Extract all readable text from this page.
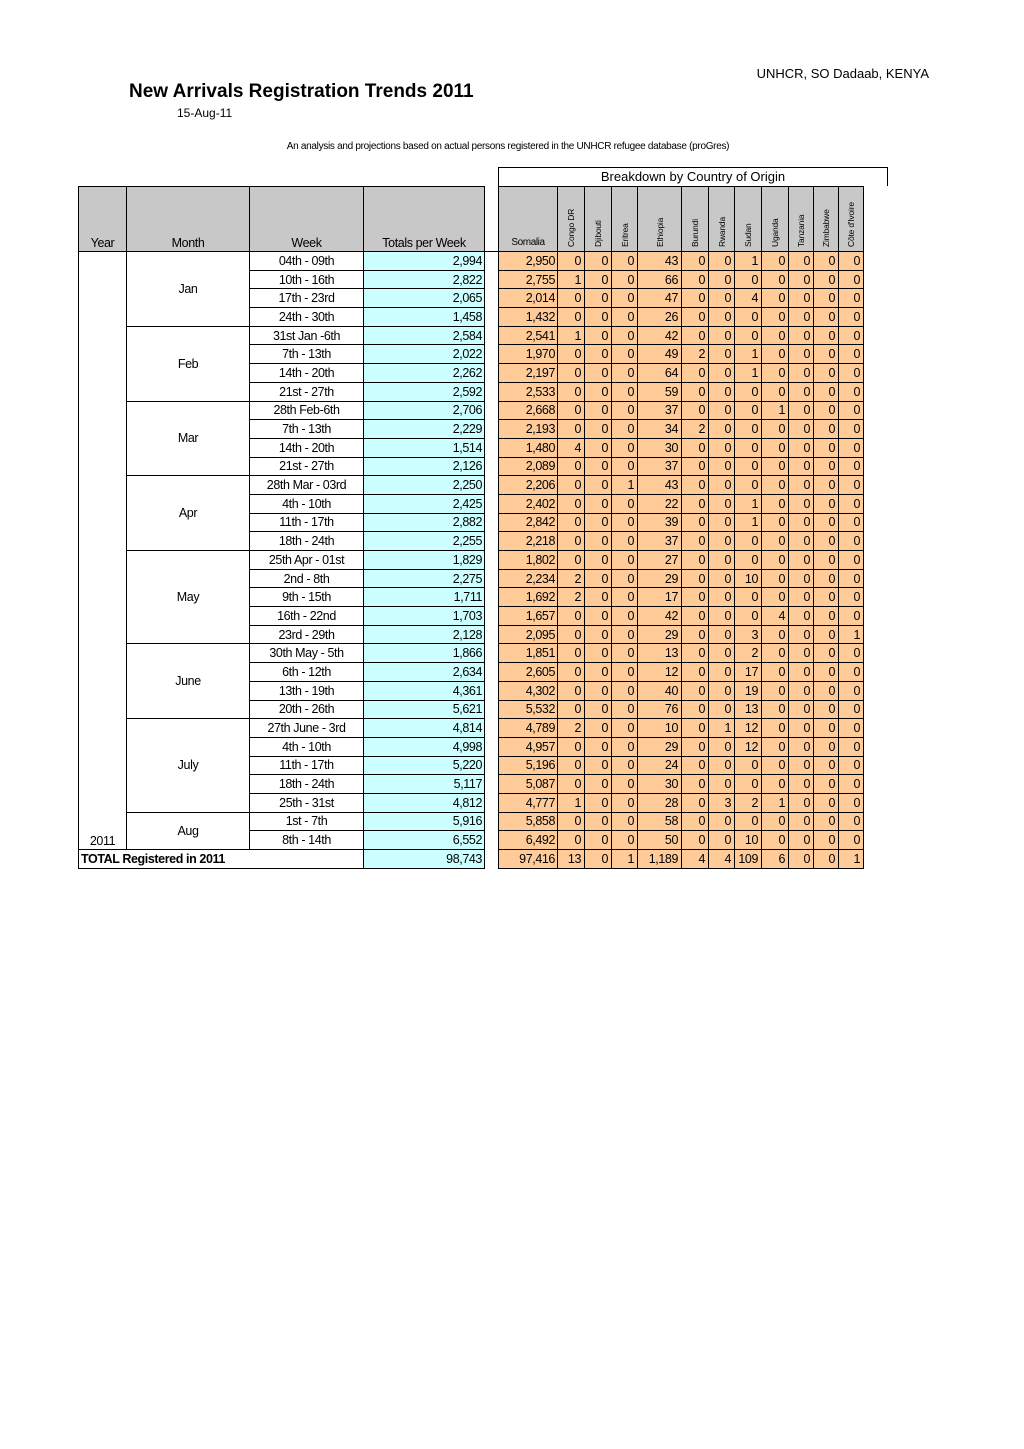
UNHCR, SO Dadaab, KENYA
New Arrivals Registration Trends 2011
15-Aug-11
An analysis and projections based on actual persons registered in the UNHCR refugee database (proGres)
Breakdown by Country of Origin
Year	Month	Week	Totals per Week		Somalia	Congo DR	Djibouti	Eritrea	Ethiopia	Burundi	Rwanda	Sudan	Uganda	Tanzania	Zimbabwe	Côte d'Ivoire

2011	Jan	04th - 09th	2,994		2,950	0	0	0	43	0	0	1	0	0	0	0
		10th - 16th	2,822		2,755	1	0	0	66	0	0	0	0	0	0	0
		17th - 23rd	2,065		2,014	0	0	0	47	0	0	4	0	0	0	0
		24th - 30th	1,458		1,432	0	0	0	26	0	0	0	0	0	0	0
	Feb	31st Jan -6th	2,584		2,541	1	0	0	42	0	0	0	0	0	0	0
		7th - 13th	2,022		1,970	0	0	0	49	2	0	1	0	0	0	0
		14th - 20th	2,262		2,197	0	0	0	64	0	0	1	0	0	0	0
		21st - 27th	2,592		2,533	0	0	0	59	0	0	0	0	0	0	0
	Mar	28th Feb-6th	2,706		2,668	0	0	0	37	0	0	0	1	0	0	0
		7th - 13th	2,229		2,193	0	0	0	34	2	0	0	0	0	0	0
		14th - 20th	1,514		1,480	4	0	0	30	0	0	0	0	0	0	0
		21st - 27th	2,126		2,089	0	0	0	37	0	0	0	0	0	0	0
	Apr	28th Mar - 03rd	2,250		2,206	0	0	1	43	0	0	0	0	0	0	0
		4th - 10th	2,425		2,402	0	0	0	22	0	0	1	0	0	0	0
		11th - 17th	2,882		2,842	0	0	0	39	0	0	1	0	0	0	0
		18th - 24th	2,255		2,218	0	0	0	37	0	0	0	0	0	0	0
	May	25th Apr - 01st	1,829		1,802	0	0	0	27	0	0	0	0	0	0	0
		2nd - 8th	2,275		2,234	2	0	0	29	0	0	10	0	0	0	0
		9th - 15th	1,711		1,692	2	0	0	17	0	0	0	0	0	0	0
		16th - 22nd	1,703		1,657	0	0	0	42	0	0	0	4	0	0	0
		23rd - 29th	2,128		2,095	0	0	0	29	0	0	3	0	0	0	1
	June	30th May - 5th	1,866		1,851	0	0	0	13	0	0	2	0	0	0	0
		6th - 12th	2,634		2,605	0	0	0	12	0	0	17	0	0	0	0
		13th - 19th	4,361		4,302	0	0	0	40	0	0	19	0	0	0	0
		20th - 26th	5,621		5,532	0	0	0	76	0	0	13	0	0	0	0
	July	27th June - 3rd	4,814		4,789	2	0	0	10	0	1	12	0	0	0	0
		4th - 10th	4,998		4,957	0	0	0	29	0	0	12	0	0	0	0
		11th - 17th	5,220		5,196	0	0	0	24	0	0	0	0	0	0	0
		18th - 24th	5,117		5,087	0	0	0	30	0	0	0	0	0	0	0
		25th - 31st	4,812		4,777	1	0	0	28	0	3	2	1	0	0	0
	Aug	1st - 7th	5,916		5,858	0	0	0	58	0	0	0	0	0	0	0
		8th - 14th	6,552		6,492	0	0	0	50	0	0	10	0	0	0	0
TOTAL Registered in 2011			98,743		97,416	13	0	1	1,189	4	4	109	6	0	0	1
